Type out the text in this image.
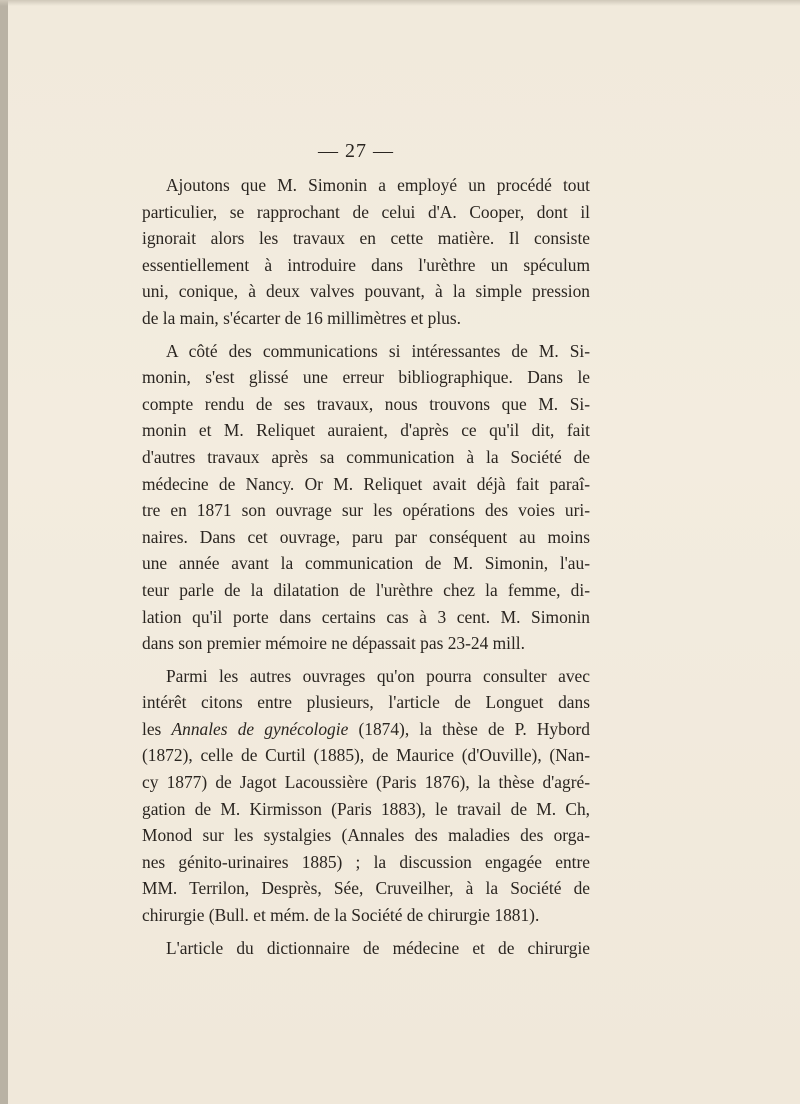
— 27 —
Ajoutons que M. Simonin a employé un procédé tout
particulier, se rapprochant de celui d'A. Cooper, dont il
ignorait alors les travaux en cette matière. Il consiste
essentiellement à introduire dans l'urèthre un spéculum
uni, conique, à deux valves pouvant, à la simple pression
de la main, s'écarter de 16 millimètres et plus.
A côté des communications si intéressantes de M. Si-
monin, s'est glissé une erreur bibliographique. Dans le
compte rendu de ses travaux, nous trouvons que M. Si-
monin et M. Reliquet auraient, d'après ce qu'il dit, fait
d'autres travaux après sa communication à la Société de
médecine de Nancy. Or M. Reliquet avait déjà fait paraî-
tre en 1871 son ouvrage sur les opérations des voies uri-
naires. Dans cet ouvrage, paru par conséquent au moins
une année avant la communication de M. Simonin, l'au-
teur parle de la dilatation de l'urèthre chez la femme, di-
lation qu'il porte dans certains cas à 3 cent. M. Simonin
dans son premier mémoire ne dépassait pas 23-24 mill.
Parmi les autres ouvrages qu'on pourra consulter avec
intérêt citons entre plusieurs, l'article de Longuet dans
les Annales de gynécologie (1874), la thèse de P. Hybord
(1872), celle de Curtil (1885), de Maurice (d'Ouville), (Nan-
cy 1877) de Jagot Lacoussière (Paris 1876), la thèse d'agré-
gation de M. Kirmisson (Paris 1883), le travail de M. Ch,
Monod sur les systalgies (Annales des maladies des orga-
nes génito-urinaires 1885) ; la discussion engagée entre
MM. Terrilon, Desprès, Sée, Cruveilher, à la Société de
chirurgie (Bull. et mém. de la Société de chirurgie 1881).
L'article du dictionnaire de médecine et de chirurgie
